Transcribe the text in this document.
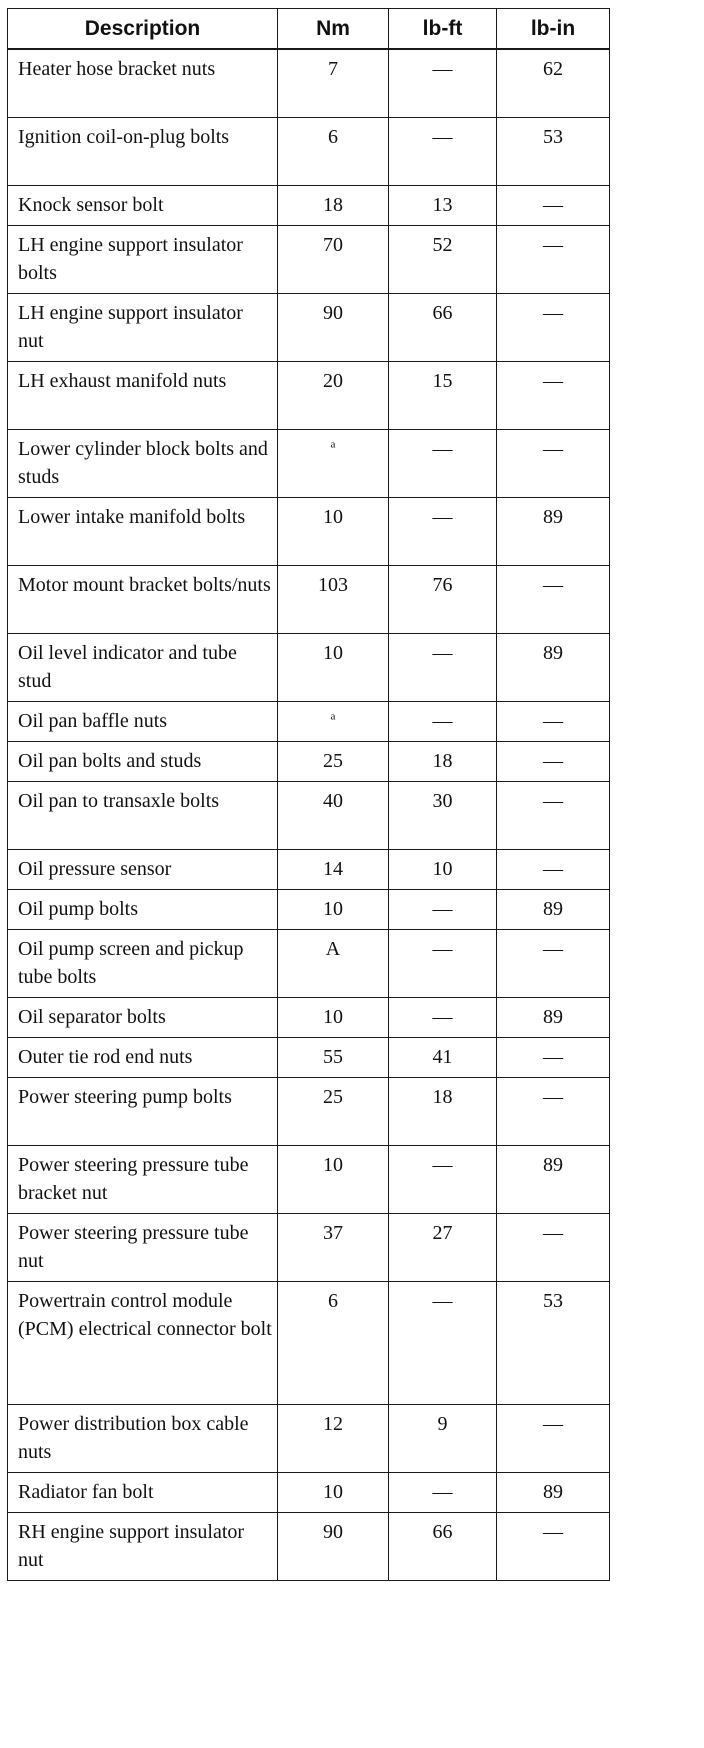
Description	Nm	lb-ft	lb-in
Heater hose bracket nuts	7	—	62
Ignition coil-on-plug bolts	6	—	53
Knock sensor bolt	18	13	—
LH engine support insulator bolts	70	52	—
LH engine support insulator nut	90	66	—
LH exhaust manifold nuts	20	15	—
Lower cylinder block bolts and studs	$^a$	—	—
Lower intake manifold bolts	10	—	89
Motor mount bracket bolts/nuts	103	76	—
Oil level indicator and tube stud	10	—	89
Oil pan baffle nuts	$^a$	—	—
Oil pan bolts and studs	25	18	—
Oil pan to transaxle bolts	40	30	—
Oil pressure sensor	14	10	—
Oil pump bolts	10	—	89
Oil pump screen and pickup tube bolts	A	—	—
Oil separator bolts	10	—	89
Outer tie rod end nuts	55	41	—
Power steering pump bolts	25	18	—
Power steering pressure tube bracket nut	10	—	89
Power steering pressure tube nut	37	27	—
Powertrain control module (PCM) electrical connector bolt	6	—	53
Power distribution box cable nuts	12	9	—
Radiator fan bolt	10	—	89
RH engine support insulator nut	90	66	—
